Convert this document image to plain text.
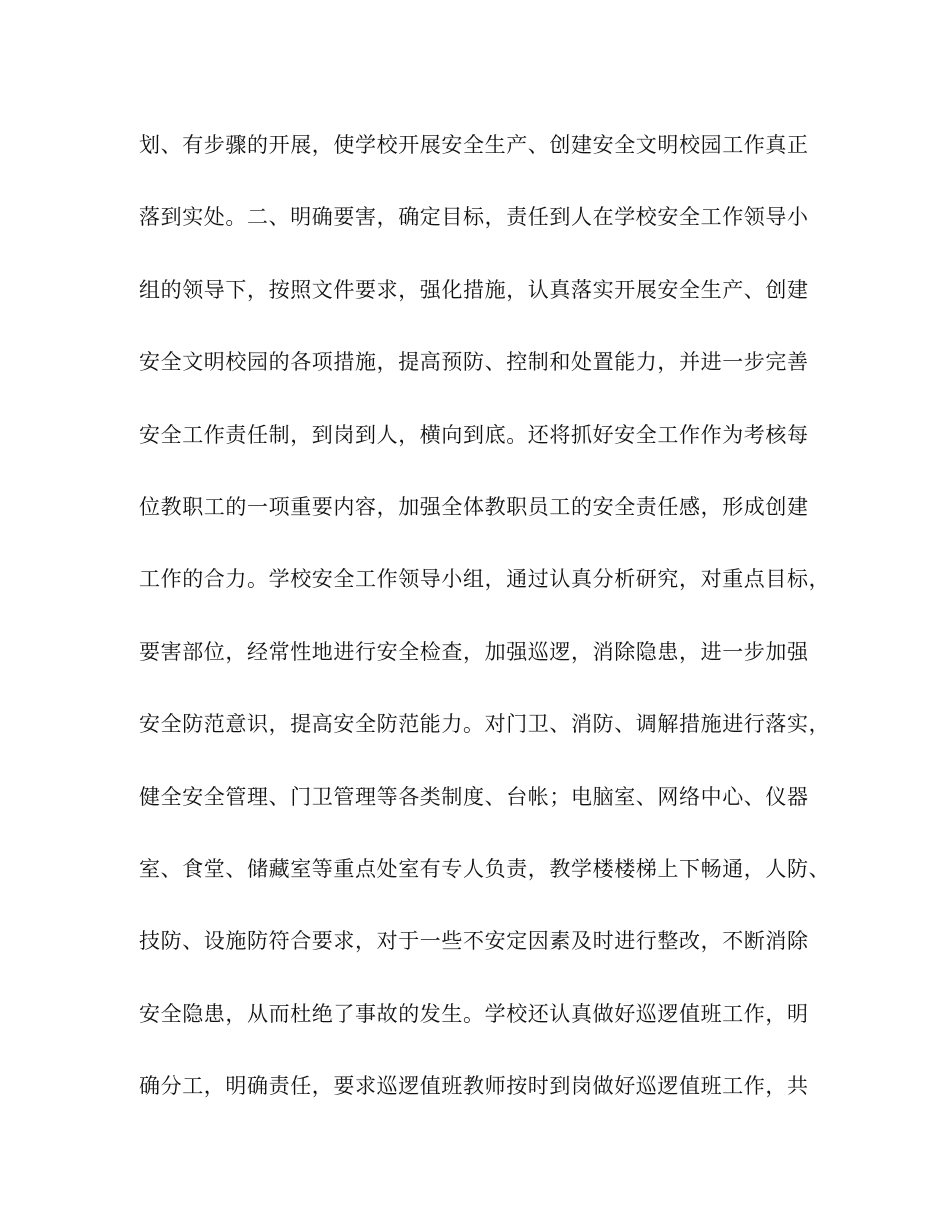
划、有步骤的开展，使学校开展安全生产、创建安全文明校园工作真正
落到实处。二、明确要害，确定目标，责任到人在学校安全工作领导小
组的领导下，按照文件要求，强化措施，认真落实开展安全生产、创建
安全文明校园的各项措施，提高预防、控制和处置能力，并进一步完善
安全工作责任制，到岗到人，横向到底。还将抓好安全工作作为考核每
位教职工的一项重要内容，加强全体教职员工的安全责任感，形成创建
工作的合力。学校安全工作领导小组，通过认真分析研究，对重点目标，
要害部位，经常性地进行安全检查，加强巡逻，消除隐患，进一步加强
安全防范意识，提高安全防范能力。对门卫、消防、调解措施进行落实，
健全安全管理、门卫管理等各类制度、台帐；电脑室、网络中心、仪器
室、食堂、储藏室等重点处室有专人负责，教学楼楼梯上下畅通，人防、
技防、设施防符合要求，对于一些不安定因素及时进行整改，不断消除
安全隐患，从而杜绝了事故的发生。学校还认真做好巡逻值班工作，明
确分工，明确责任，要求巡逻值班教师按时到岗做好巡逻值班工作，共
